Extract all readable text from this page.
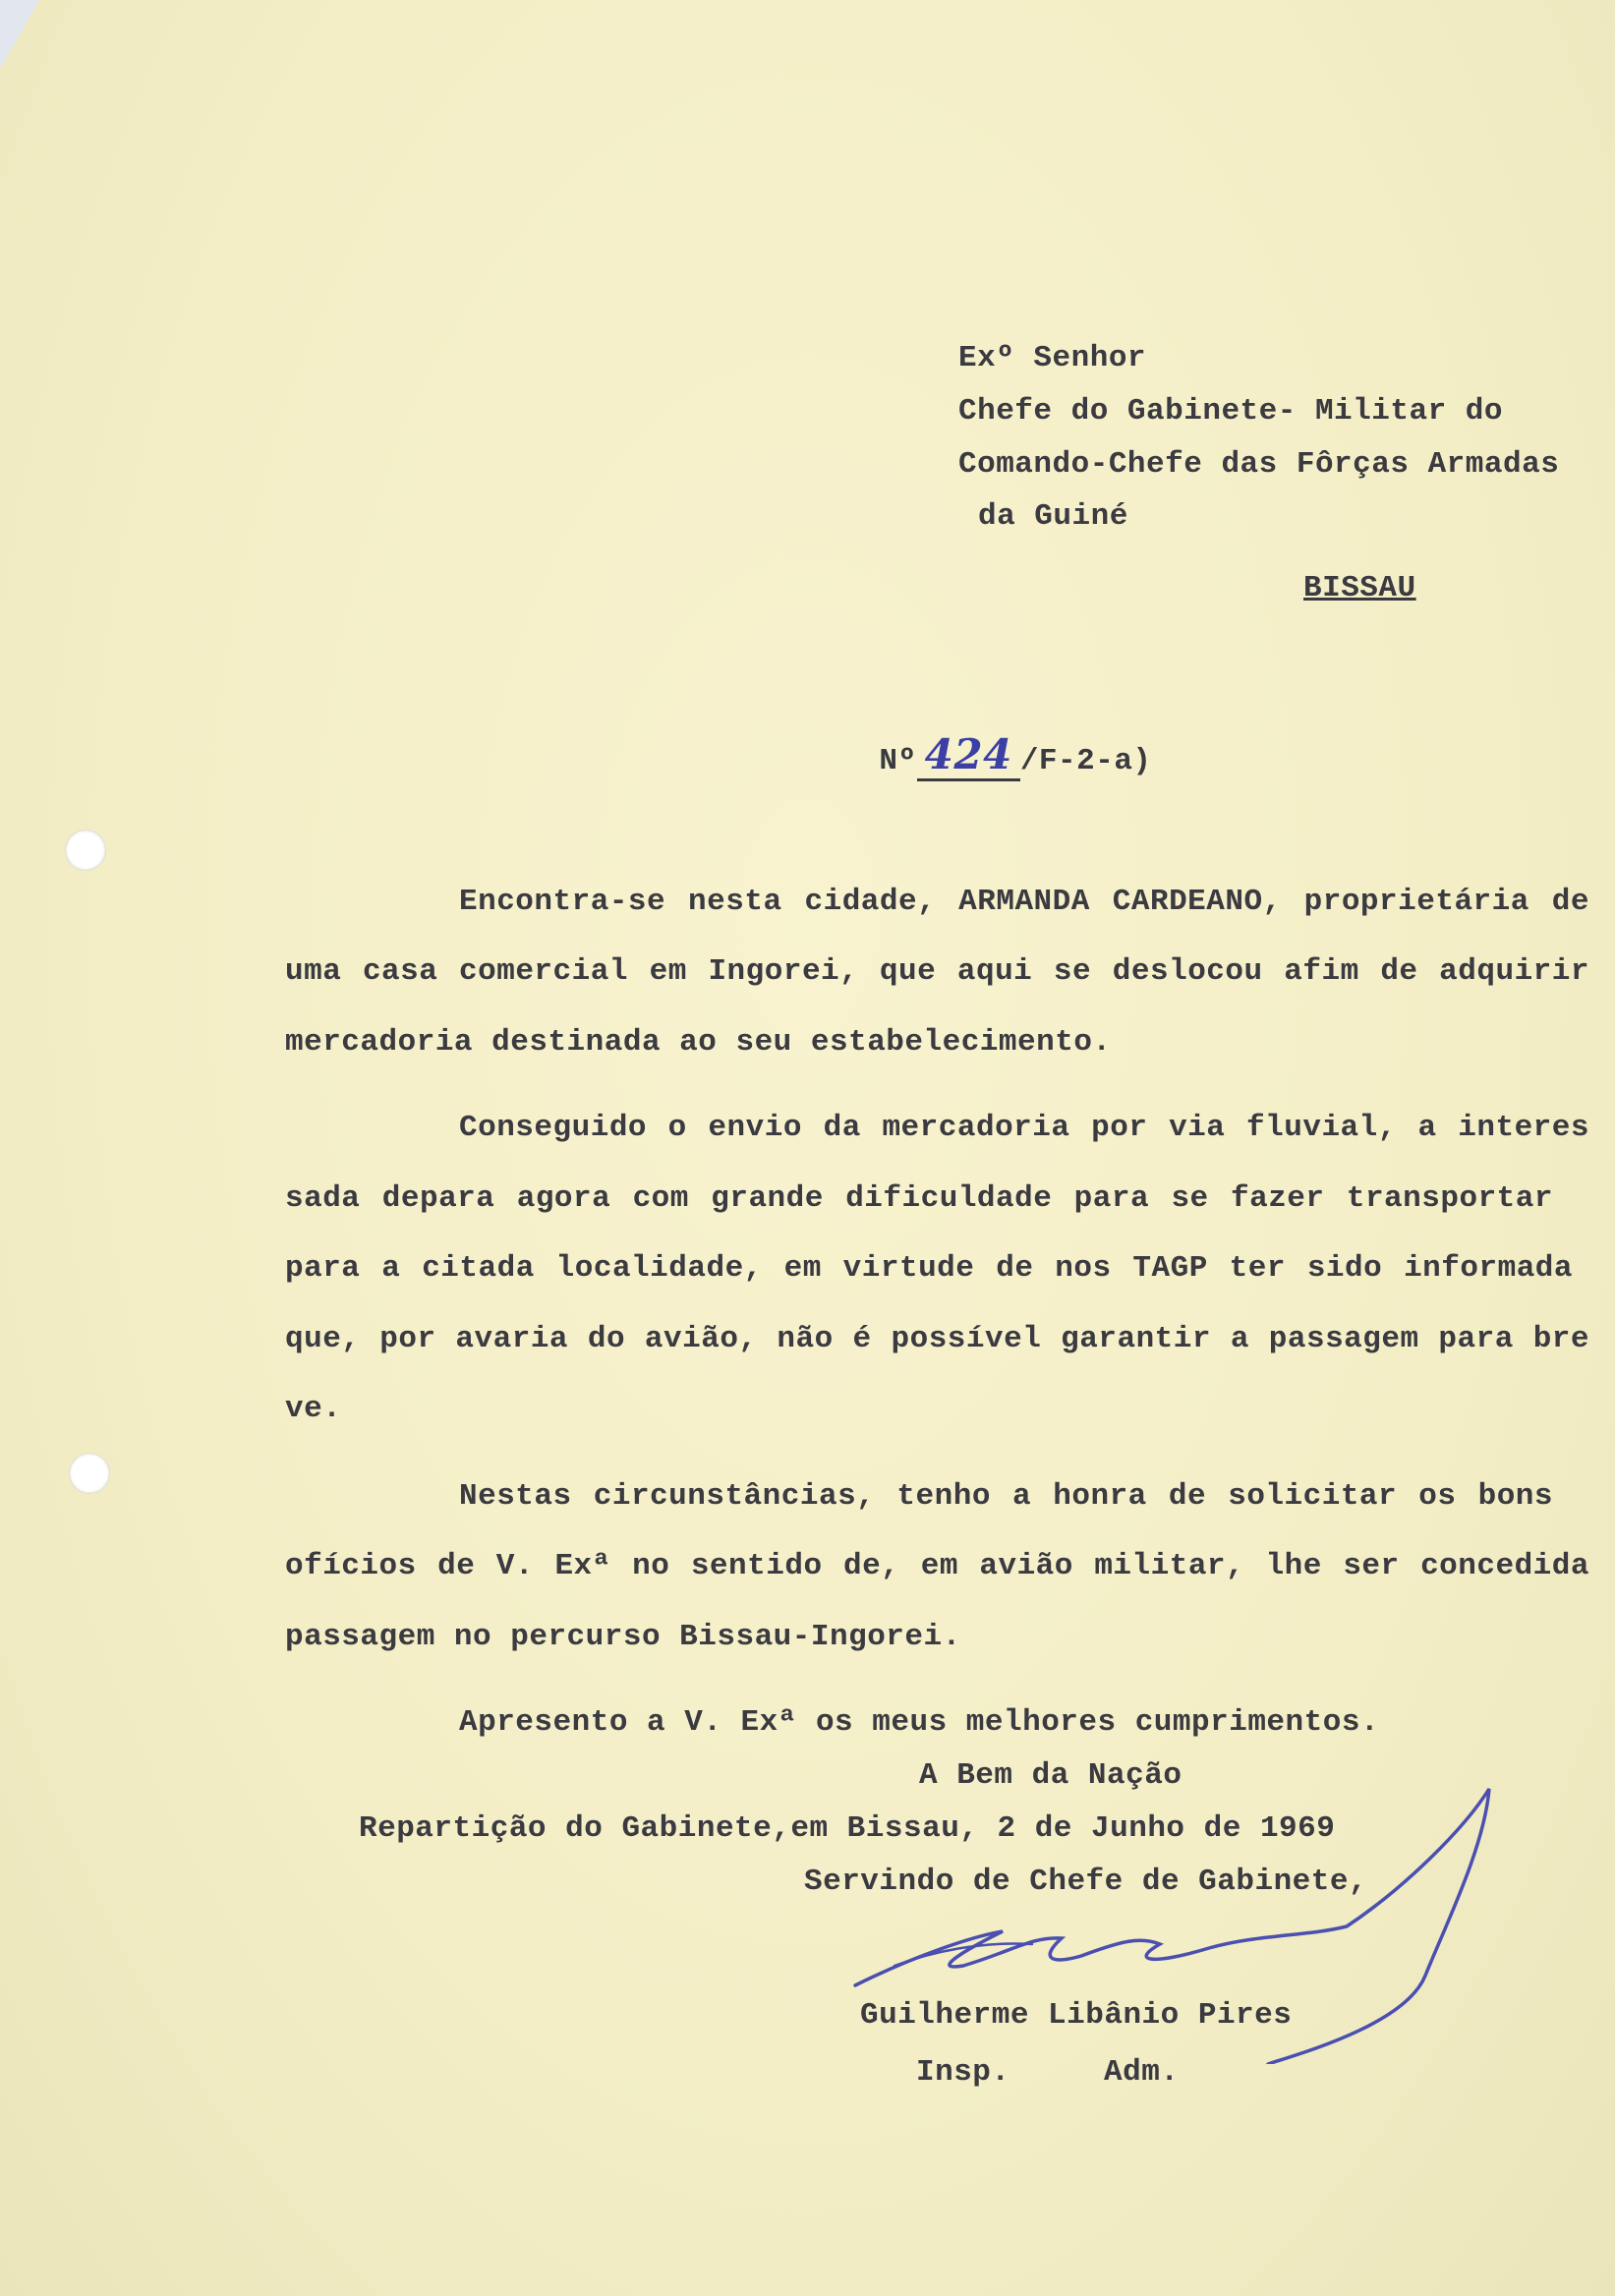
Exº Senhor
Chefe do Gabinete- Militar do
Comando-Chefe das Fôrças Armadas
da Guiné
BISSAU

Nº 424 /F-2-a)

Encontra-se nesta cidade, ARMANDA CARDEANO, proprietária de
uma casa comercial em Ingorei, que aqui se deslocou afim de adquirir
mercadoria destinada ao seu estabelecimento.
Conseguido o envio da mercadoria por via fluvial, a interes
sada depara agora com grande dificuldade para se fazer transportar
para a citada localidade, em virtude de nos TAGP ter sido informada
que, por avaria do avião, não é possível garantir a passagem para bre
ve.
Nestas circunstâncias, tenho a honra de solicitar os bons
ofícios de V. Exª no sentido de, em avião militar, lhe ser concedida
passagem no percurso Bissau-Ingorei.
Apresento a V. Exª os meus melhores cumprimentos.
A Bem da Nação
Repartição do Gabinete,em Bissau, 2 de Junho de 1969
Servindo de Chefe de Gabinete,
Guilherme Libânio Pires
Insp.     Adm.
